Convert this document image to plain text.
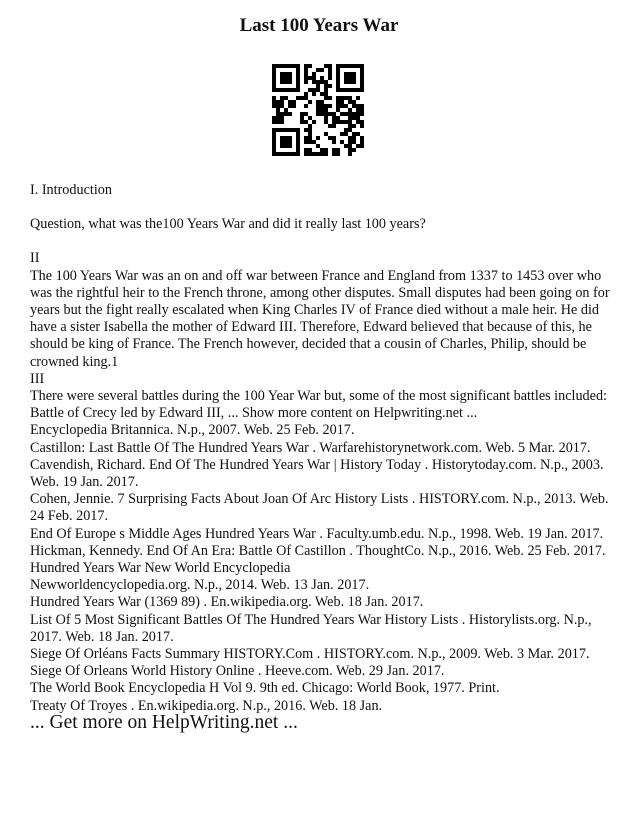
Last 100 Years War

I. Introduction

Question, what was the100 Years War and did it really last 100 years?

II

The 100 Years War was an on and off war between France and England from 1337 to 1453 over who was the rightful heir to the French throne, among other disputes. Small disputes had been going on for years but the fight really escalated when King Charles IV of France died without a male heir. He did have a sister Isabella the mother of Edward III. Therefore, Edward believed that because of this, he should be king of France. The French however, decided that a cousin of Charles, Philip, should be crowned king.1

III

There were several battles during the 100 Year War but, some of the most significant battles included: Battle of Crecy led by Edward III, ... Show more content on Helpwriting.net ...

Encyclopedia Britannica. N.p., 2007. Web. 25 Feb. 2017.

Castillon: Last Battle Of The Hundred Years War . Warfarehistorynetwork.com. Web. 5 Mar. 2017.

Cavendish, Richard. End Of The Hundred Years War | History Today . Historytoday.com. N.p., 2003. Web. 19 Jan. 2017.

Cohen, Jennie. 7 Surprising Facts About Joan Of Arc History Lists . HISTORY.com. N.p., 2013. Web. 24 Feb. 2017.

End Of Europe s Middle Ages Hundred Years War . Faculty.umb.edu. N.p., 1998. Web. 19 Jan. 2017.

Hickman, Kennedy. End Of An Era: Battle Of Castillon . ThoughtCo. N.p., 2016. Web. 25 Feb. 2017.

Hundred Years War New World Encyclopedia

Newworldencyclopedia.org. N.p., 2014. Web. 13 Jan. 2017.

Hundred Years War (1369 89) . En.wikipedia.org. Web. 18 Jan. 2017.

List Of 5 Most Significant Battles Of The Hundred Years War History Lists . Historylists.org. N.p., 2017. Web. 18 Jan. 2017.

Siege Of Orléans Facts Summary HISTORY.Com . HISTORY.com. N.p., 2009. Web. 3 Mar. 2017.

Siege Of Orleans World History Online . Heeve.com. Web. 29 Jan. 2017.

The World Book Encyclopedia H Vol 9. 9th ed. Chicago: World Book, 1977. Print.

Treaty Of Troyes . En.wikipedia.org. N.p., 2016. Web. 18 Jan.

... Get more on HelpWriting.net ...
